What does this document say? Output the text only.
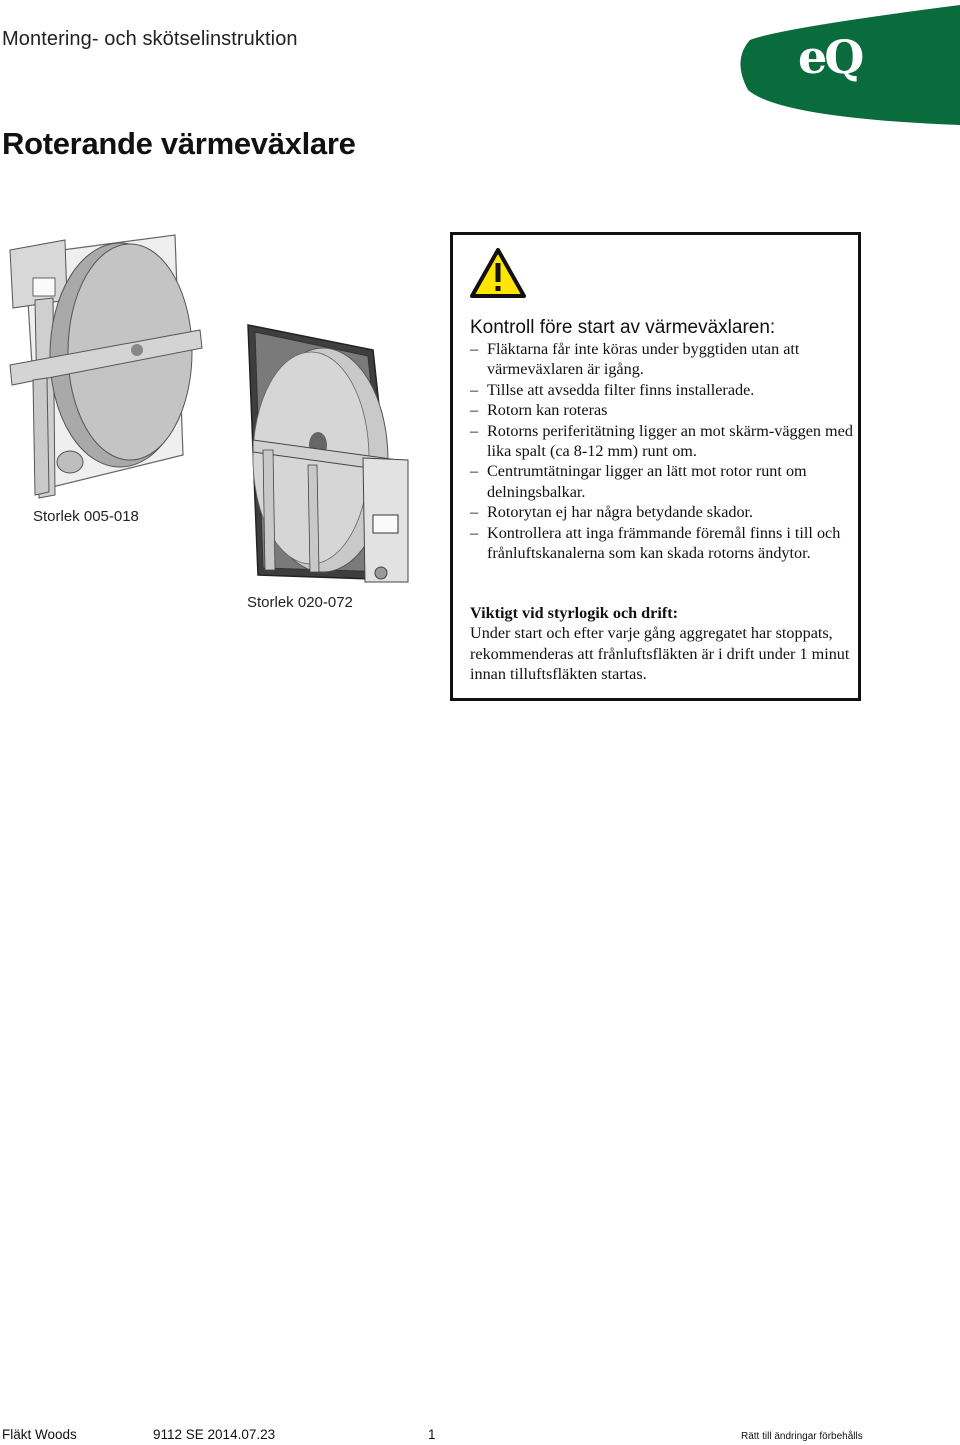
Montering- och skötselinstruktion	eQ
Roterande värmeväxlare
Storlek 005-018
Storlek 020-072
Kontroll före start av värmeväxlaren:
– Fläktarna får inte köras under byggtiden utan att värmeväxlaren är igång.
– Tillse att avsedda filter finns installerade.
– Rotorn kan roteras
– Rotorns periferitätning ligger an mot skärm-väggen med lika spalt (ca 8-12 mm) runt om.
– Centrumtätningar ligger an lätt mot rotor runt om delningsbalkar.
– Rotorytan ej har några betydande skador.
– Kontrollera att inga främmande föremål finns i till och frånluftskanalerna som kan skada rotorns ändytor.
Viktigt vid styrlogik och drift:
Under start och efter varje gång aggregatet har stoppats, rekommenderas att frånluftsfläkten är i drift under 1 minut innan tilluftsfläkten startas.
Fläkt Woods	9112 SE 2014.07.23	1	Rätt till ändringar förbehålls
